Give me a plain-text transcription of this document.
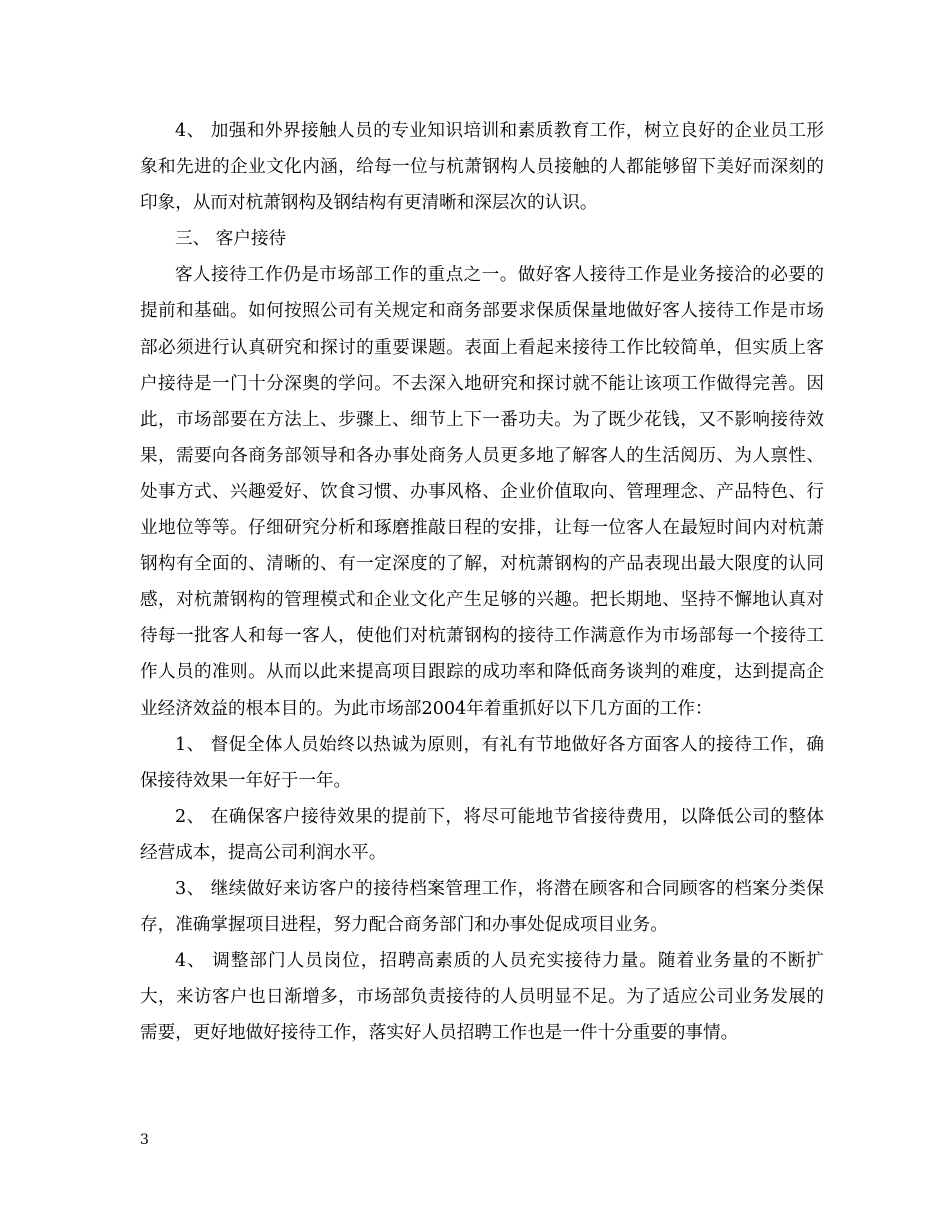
4、 加强和外界接触人员的专业知识培训和素质教育工作，树立良好的企业员工形象和先进的企业文化内涵，给每一位与杭萧钢构人员接触的人都能够留下美好而深刻的印象，从而对杭萧钢构及钢结构有更清晰和深层次的认识。

三、 客户接待

客人接待工作仍是市场部工作的重点之一。做好客人接待工作是业务接洽的必要的提前和基础。如何按照公司有关规定和商务部要求保质保量地做好客人接待工作是市场部必须进行认真研究和探讨的重要课题。表面上看起来接待工作比较简单，但实质上客户接待是一门十分深奥的学问。不去深入地研究和探讨就不能让该项工作做得完善。因此，市场部要在方法上、步骤上、细节上下一番功夫。为了既少花钱，又不影响接待效果，需要向各商务部领导和各办事处商务人员更多地了解客人的生活阅历、为人禀性、处事方式、兴趣爱好、饮食习惯、办事风格、企业价值取向、管理理念、产品特色、行业地位等等。仔细研究分析和琢磨推敲日程的安排，让每一位客人在最短时间内对杭萧钢构有全面的、清晰的、有一定深度的了解，对杭萧钢构的产品表现出最大限度的认同感，对杭萧钢构的管理模式和企业文化产生足够的兴趣。把长期地、坚持不懈地认真对待每一批客人和每一客人，使他们对杭萧钢构的接待工作满意作为市场部每一个接待工作人员的准则。从而以此来提高项目跟踪的成功率和降低商务谈判的难度，达到提高企业经济效益的根本目的。为此市场部2004年着重抓好以下几方面的工作：

1、 督促全体人员始终以热诚为原则，有礼有节地做好各方面客人的接待工作，确保接待效果一年好于一年。

2、 在确保客户接待效果的提前下，将尽可能地节省接待费用，以降低公司的整体经营成本，提高公司利润水平。

3、 继续做好来访客户的接待档案管理工作，将潜在顾客和合同顾客的档案分类保存，准确掌握项目进程，努力配合商务部门和办事处促成项目业务。

4、 调整部门人员岗位，招聘高素质的人员充实接待力量。随着业务量的不断扩大，来访客户也日渐增多，市场部负责接待的人员明显不足。为了适应公司业务发展的需要，更好地做好接待工作，落实好人员招聘工作也是一件十分重要的事情。

3
